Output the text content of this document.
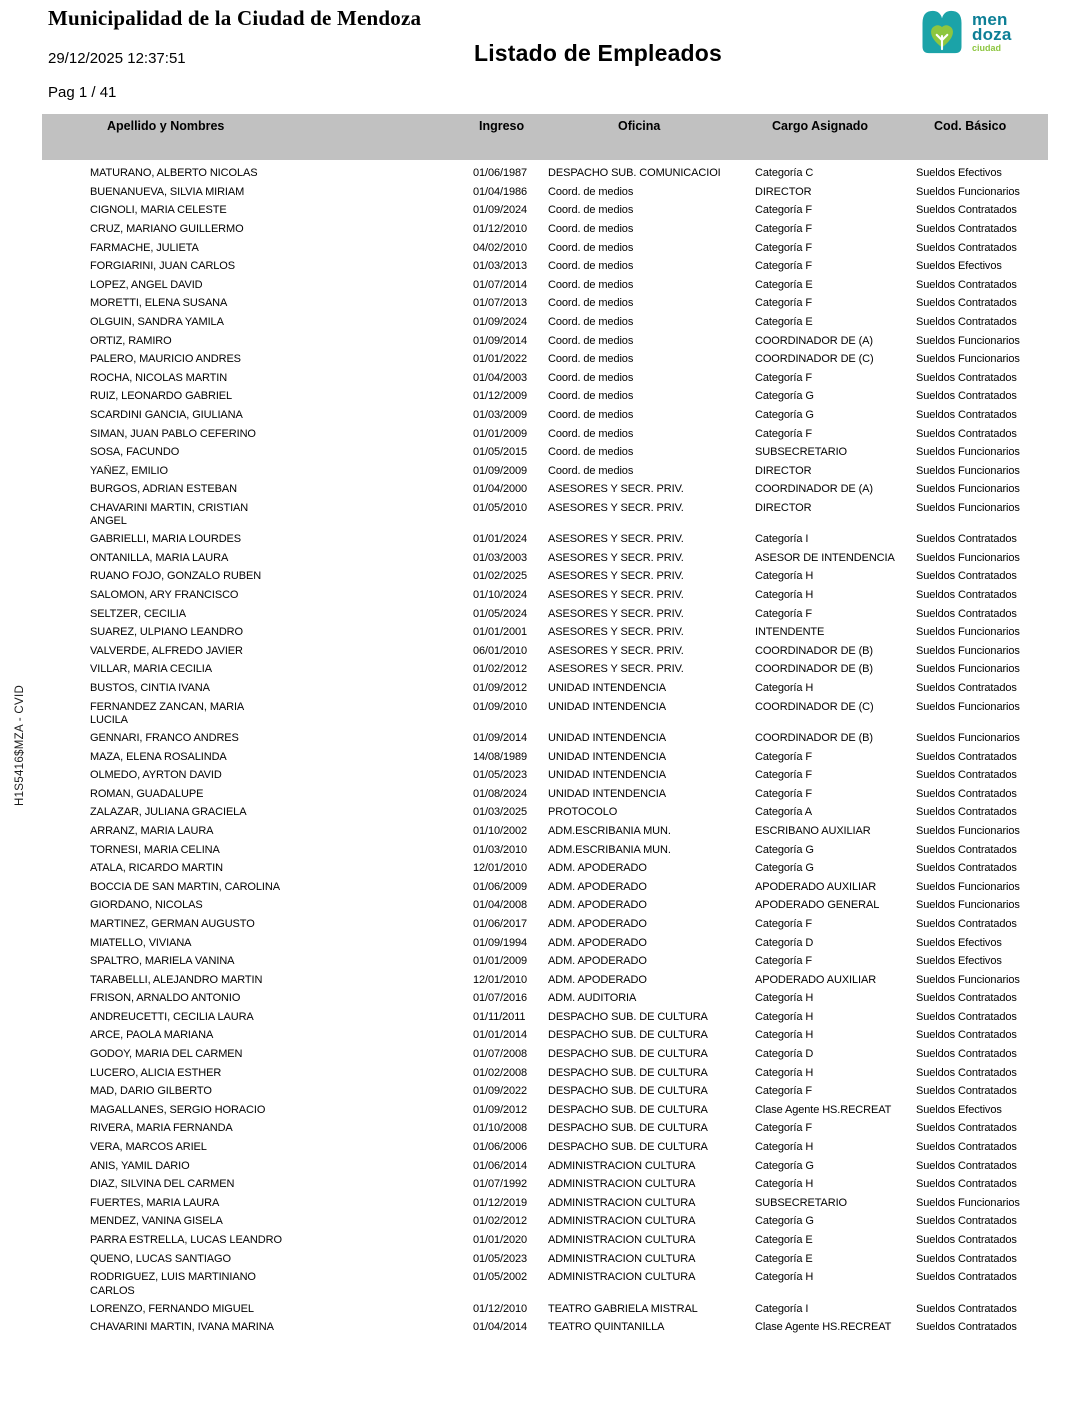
Municipalidad de la Ciudad de Mendoza	men
doza
ciudad
29/12/2025 12:37:51	Listado de Empleados
Pag 1 / 41
H1S5416$MZA - CVID
Apellido y Nombres	Ingreso	Oficina	Cargo Asignado	Cod. Básico
MATURANO, ALBERTO NICOLAS	01/06/1987	DESPACHO SUB. COMUNICACIOI	Categoría C	Sueldos Efectivos
BUENANUEVA, SILVIA MIRIAM	01/04/1986	Coord. de medios	DIRECTOR	Sueldos Funcionarios
CIGNOLI, MARIA CELESTE	01/09/2024	Coord. de medios	Categoría F	Sueldos Contratados
CRUZ, MARIANO GUILLERMO	01/12/2010	Coord. de medios	Categoría F	Sueldos Contratados
FARMACHE, JULIETA	04/02/2010	Coord. de medios	Categoría F	Sueldos Contratados
FORGIARINI, JUAN CARLOS	01/03/2013	Coord. de medios	Categoría F	Sueldos Efectivos
LOPEZ, ANGEL DAVID	01/07/2014	Coord. de medios	Categoría E	Sueldos Contratados
MORETTI, ELENA SUSANA	01/07/2013	Coord. de medios	Categoría F	Sueldos Contratados
OLGUIN, SANDRA YAMILA	01/09/2024	Coord. de medios	Categoría E	Sueldos Contratados
ORTIZ, RAMIRO	01/09/2014	Coord. de medios	COORDINADOR DE (A)	Sueldos Funcionarios
PALERO, MAURICIO ANDRES	01/01/2022	Coord. de medios	COORDINADOR DE (C)	Sueldos Funcionarios
ROCHA, NICOLAS MARTIN	01/04/2003	Coord. de medios	Categoría F	Sueldos Contratados
RUIZ, LEONARDO GABRIEL	01/12/2009	Coord. de medios	Categoría G	Sueldos Contratados
SCARDINI GANCIA, GIULIANA	01/03/2009	Coord. de medios	Categoría G	Sueldos Contratados
SIMAN, JUAN PABLO CEFERINO	01/01/2009	Coord. de medios	Categoría F	Sueldos Contratados
SOSA, FACUNDO	01/05/2015	Coord. de medios	SUBSECRETARIO	Sueldos Funcionarios
YAÑEZ, EMILIO	01/09/2009	Coord. de medios	DIRECTOR	Sueldos Funcionarios
BURGOS, ADRIAN ESTEBAN	01/04/2000	ASESORES Y SECR. PRIV.	COORDINADOR DE (A)	Sueldos Funcionarios
CHAVARINI MARTIN, CRISTIAN
ANGEL
01/05/2010	ASESORES Y SECR. PRIV.	DIRECTOR	Sueldos Funcionarios
GABRIELLI, MARIA LOURDES	01/01/2024	ASESORES Y SECR. PRIV.	Categoría I	Sueldos Contratados
ONTANILLA, MARIA LAURA	01/03/2003	ASESORES Y SECR. PRIV.	ASESOR DE INTENDENCIA	Sueldos Funcionarios
RUANO FOJO, GONZALO RUBEN	01/02/2025	ASESORES Y SECR. PRIV.	Categoría H	Sueldos Contratados
SALOMON, ARY FRANCISCO	01/10/2024	ASESORES Y SECR. PRIV.	Categoría H	Sueldos Contratados
SELTZER, CECILIA	01/05/2024	ASESORES Y SECR. PRIV.	Categoría F	Sueldos Contratados
SUAREZ, ULPIANO LEANDRO	01/01/2001	ASESORES Y SECR. PRIV.	INTENDENTE	Sueldos Funcionarios
VALVERDE, ALFREDO JAVIER	06/01/2010	ASESORES Y SECR. PRIV.	COORDINADOR DE (B)	Sueldos Funcionarios
VILLAR, MARIA CECILIA	01/02/2012	ASESORES Y SECR. PRIV.	COORDINADOR DE (B)	Sueldos Funcionarios
BUSTOS, CINTIA IVANA	01/09/2012	UNIDAD INTENDENCIA	Categoría H	Sueldos Contratados
FERNANDEZ ZANCAN, MARIA
LUCILA
01/09/2010	UNIDAD INTENDENCIA	COORDINADOR DE (C)	Sueldos Funcionarios
GENNARI, FRANCO ANDRES	01/09/2014	UNIDAD INTENDENCIA	COORDINADOR DE (B)	Sueldos Funcionarios
MAZA, ELENA ROSALINDA	14/08/1989	UNIDAD INTENDENCIA	Categoría F	Sueldos Contratados
OLMEDO, AYRTON DAVID	01/05/2023	UNIDAD INTENDENCIA	Categoría F	Sueldos Contratados
ROMAN, GUADALUPE	01/08/2024	UNIDAD INTENDENCIA	Categoría F	Sueldos Contratados
ZALAZAR, JULIANA GRACIELA	01/03/2025	PROTOCOLO	Categoría A	Sueldos Contratados
ARRANZ, MARIA LAURA	01/10/2002	ADM.ESCRIBANIA MUN.	ESCRIBANO AUXILIAR	Sueldos Funcionarios
TORNESI, MARIA CELINA	01/03/2010	ADM.ESCRIBANIA MUN.	Categoría G	Sueldos Contratados
ATALA, RICARDO MARTIN	12/01/2010	ADM. APODERADO	Categoría G	Sueldos Contratados
BOCCIA DE SAN MARTIN, CAROLINA	01/06/2009	ADM. APODERADO	APODERADO AUXILIAR	Sueldos Funcionarios
GIORDANO, NICOLAS	01/04/2008	ADM. APODERADO	APODERADO GENERAL	Sueldos Funcionarios
MARTINEZ, GERMAN AUGUSTO	01/06/2017	ADM. APODERADO	Categoría F	Sueldos Contratados
MIATELLO, VIVIANA	01/09/1994	ADM. APODERADO	Categoría D	Sueldos Efectivos
SPALTRO, MARIELA VANINA	01/01/2009	ADM. APODERADO	Categoría F	Sueldos Efectivos
TARABELLI, ALEJANDRO MARTIN	12/01/2010	ADM. APODERADO	APODERADO AUXILIAR	Sueldos Funcionarios
FRISON, ARNALDO ANTONIO	01/07/2016	ADM. AUDITORIA	Categoría H	Sueldos Contratados
ANDREUCETTI, CECILIA LAURA	01/11/2011	DESPACHO SUB. DE CULTURA	Categoría H	Sueldos Contratados
ARCE, PAOLA MARIANA	01/01/2014	DESPACHO SUB. DE CULTURA	Categoría H	Sueldos Contratados
GODOY, MARIA DEL CARMEN	01/07/2008	DESPACHO SUB. DE CULTURA	Categoría D	Sueldos Contratados
LUCERO, ALICIA ESTHER	01/02/2008	DESPACHO SUB. DE CULTURA	Categoría H	Sueldos Contratados
MAD, DARIO GILBERTO	01/09/2022	DESPACHO SUB. DE CULTURA	Categoría F	Sueldos Contratados
MAGALLANES, SERGIO HORACIO	01/09/2012	DESPACHO SUB. DE CULTURA	Clase Agente HS.RECREAT	Sueldos Efectivos
RIVERA, MARIA FERNANDA	01/10/2008	DESPACHO SUB. DE CULTURA	Categoría F	Sueldos Contratados
VERA, MARCOS ARIEL	01/06/2006	DESPACHO SUB. DE CULTURA	Categoría H	Sueldos Contratados
ANIS, YAMIL DARIO	01/06/2014	ADMINISTRACION CULTURA	Categoría G	Sueldos Contratados
DIAZ, SILVINA DEL CARMEN	01/07/1992	ADMINISTRACION CULTURA	Categoría H	Sueldos Contratados
FUERTES, MARIA LAURA	01/12/2019	ADMINISTRACION CULTURA	SUBSECRETARIO	Sueldos Funcionarios
MENDEZ, VANINA GISELA	01/02/2012	ADMINISTRACION CULTURA	Categoría G	Sueldos Contratados
PARRA ESTRELLA, LUCAS LEANDRO	01/01/2020	ADMINISTRACION CULTURA	Categoría E	Sueldos Contratados
QUENO, LUCAS SANTIAGO	01/05/2023	ADMINISTRACION CULTURA	Categoría E	Sueldos Contratados
RODRIGUEZ, LUIS MARTINIANO
CARLOS
01/05/2002	ADMINISTRACION CULTURA	Categoría H	Sueldos Contratados
LORENZO, FERNANDO MIGUEL	01/12/2010	TEATRO GABRIELA MISTRAL	Categoría I	Sueldos Contratados
CHAVARINI MARTIN, IVANA MARINA	01/04/2014	TEATRO QUINTANILLA	Clase Agente HS.RECREAT	Sueldos Contratados
